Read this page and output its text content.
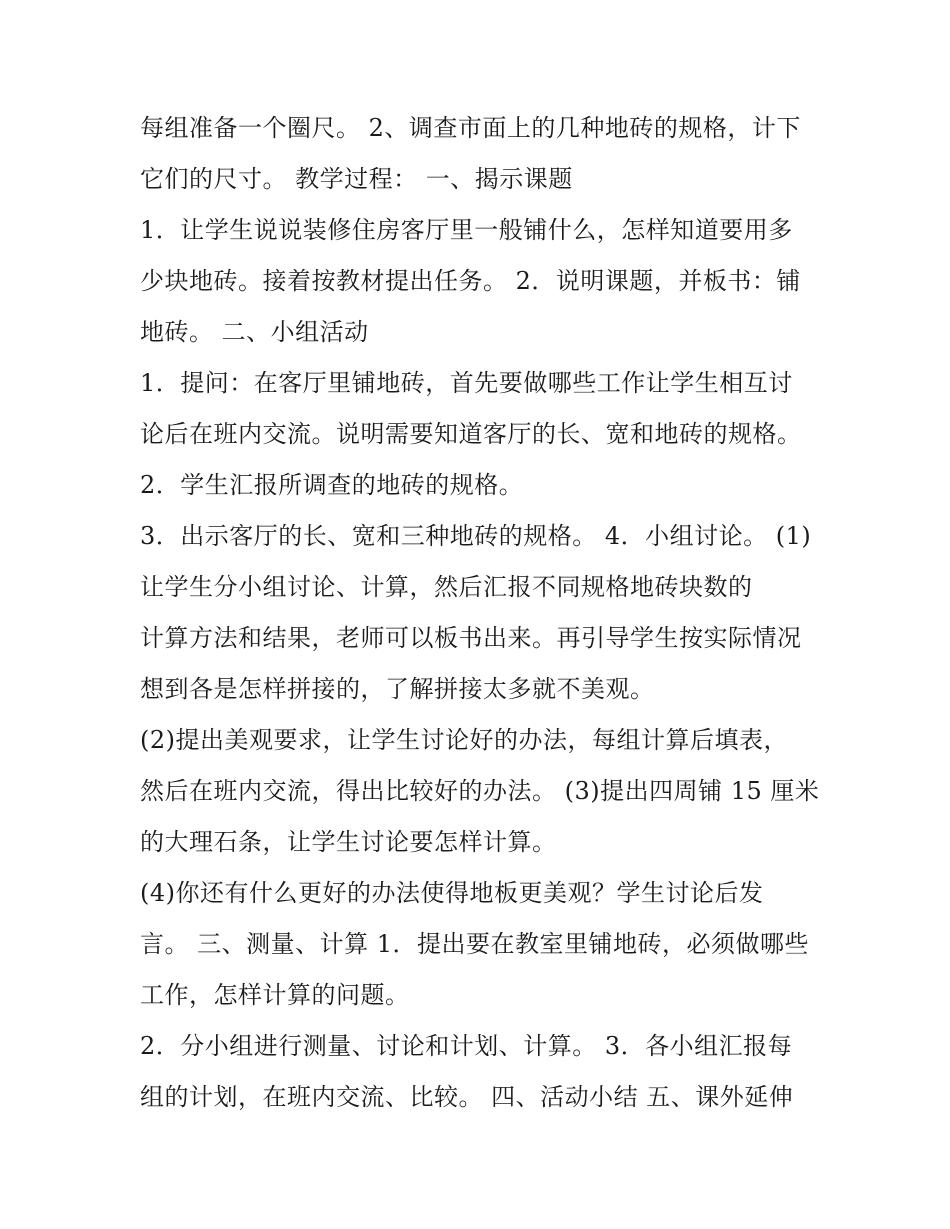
每组准备一个圈尺。 2、调查市面上的几种地砖的规格，计下
它们的尺寸。 教学过程： 一、揭示课题
1．让学生说说装修住房客厅里一般铺什么，怎样知道要用多
少块地砖。接着按教材提出任务。 2．说明课题，并板书：铺
地砖。 二、小组活动
1．提问：在客厅里铺地砖，首先要做哪些工作让学生相互讨
论后在班内交流。说明需要知道客厅的长、宽和地砖的规格。
2．学生汇报所调查的地砖的规格。
3．出示客厅的长、宽和三种地砖的规格。 4．小组讨论。 (1)
让学生分小组讨论、计算，然后汇报不同规格地砖块数的
计算方法和结果，老师可以板书出来。再引导学生按实际情况
想到各是怎样拼接的，了解拼接太多就不美观。
(2)提出美观要求，让学生讨论好的办法，每组计算后填表，
然后在班内交流，得出比较好的办法。 (3)提出四周铺 15 厘米
的大理石条，让学生讨论要怎样计算。
(4)你还有什么更好的办法使得地板更美观？学生讨论后发
言。 三、测量、计算 1．提出要在教室里铺地砖，必须做哪些
工作，怎样计算的问题。
2．分小组进行测量、讨论和计划、计算。 3．各小组汇报每
组的计划，在班内交流、比较。 四、活动小结 五、课外延伸
